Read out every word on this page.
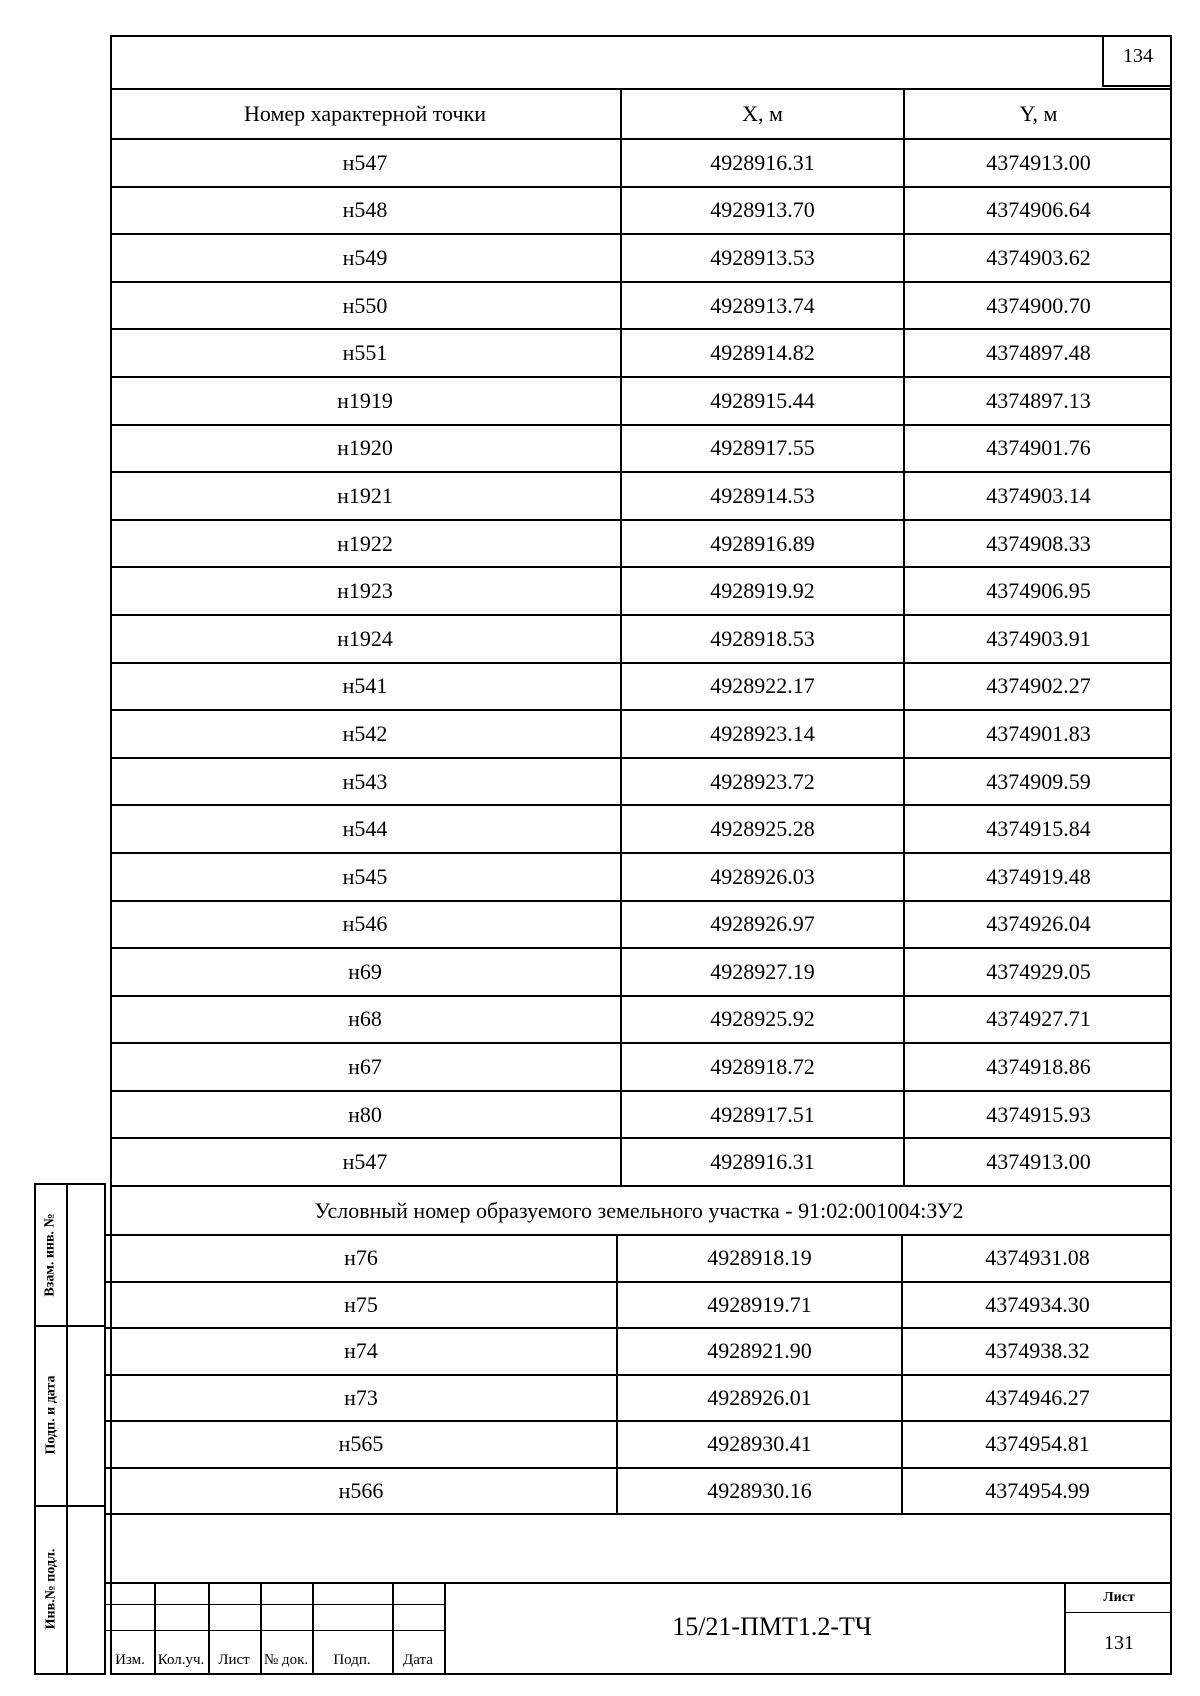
134
Номер характерной точки	X, м	Y, м
н547	4928916.31	4374913.00
н548	4928913.70	4374906.64
н549	4928913.53	4374903.62
н550	4928913.74	4374900.70
н551	4928914.82	4374897.48
н1919	4928915.44	4374897.13
н1920	4928917.55	4374901.76
н1921	4928914.53	4374903.14
н1922	4928916.89	4374908.33
н1923	4928919.92	4374906.95
н1924	4928918.53	4374903.91
н541	4928922.17	4374902.27
н542	4928923.14	4374901.83
н543	4928923.72	4374909.59
н544	4928925.28	4374915.84
н545	4928926.03	4374919.48
н546	4928926.97	4374926.04
н69	4928927.19	4374929.05
н68	4928925.92	4374927.71
н67	4928918.72	4374918.86
н80	4928917.51	4374915.93
н547	4928916.31	4374913.00
Условный номер образуемого земельного участка - 91:02:001004:ЗУ2
н76	4928918.19	4374931.08
н75	4928919.71	4374934.30
н74	4928921.90	4374938.32
н73	4928926.01	4374946.27
н565	4928930.41	4374954.81
н566	4928930.16	4374954.99
Взам. инв. №
Подп. и дата
Инв.№ подл.
Изм. Кол.уч. Лист № док.	Подп.	Дата
15/21-ПМТ1.2-ТЧ
Лист
131
